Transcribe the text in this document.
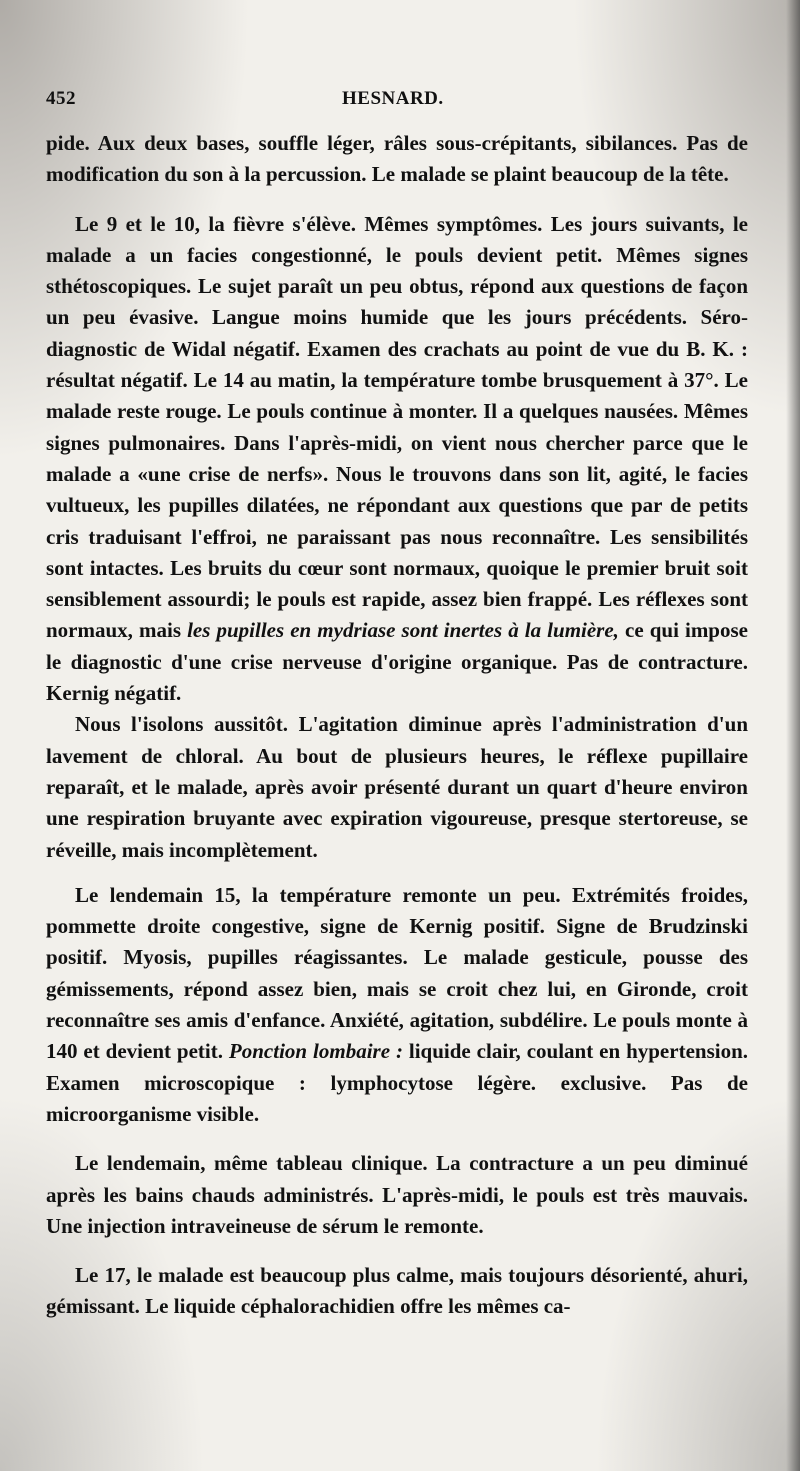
452	HESNARD.

pide. Aux deux bases, souffle léger, râles sous-crépitants, sibilances. Pas de modification du son à la percussion. Le malade se plaint beaucoup de la tête.

Le 9 et le 10, la fièvre s'élève. Mêmes symptômes. Les jours suivants, le malade a un facies congestionné, le pouls devient petit. Mêmes signes sthétoscopiques. Le sujet paraît un peu obtus, répond aux questions de façon un peu évasive. Langue moins humide que les jours précédents. Séro-diagnostic de Widal négatif. Examen des crachats au point de vue du B. K. : résultat négatif. Le 14 au matin, la température tombe brusquement à 37°. Le malade reste rouge. Le pouls continue à monter. Il a quelques nausées. Mêmes signes pulmonaires. Dans l'après-midi, on vient nous chercher parce que le malade a «une crise de nerfs». Nous le trouvons dans son lit, agité, le facies vultueux, les pupilles dilatées, ne répondant aux questions que par de petits cris traduisant l'effroi, ne paraissant pas nous reconnaître. Les sensibilités sont intactes. Les bruits du cœur sont normaux, quoique le premier bruit soit sensiblement assourdi; le pouls est rapide, assez bien frappé. Les réflexes sont normaux, mais les pupilles en mydriase sont inertes à la lumière, ce qui impose le diagnostic d'une crise nerveuse d'origine organique. Pas de contracture. Kernig négatif.

Nous l'isolons aussitôt. L'agitation diminue après l'administration d'un lavement de chloral. Au bout de plusieurs heures, le réflexe pupillaire reparaît, et le malade, après avoir présenté durant un quart d'heure environ une respiration bruyante avec expiration vigoureuse, presque stertoreuse, se réveille, mais incomplètement.

Le lendemain 15, la température remonte un peu. Extrémités froides, pommette droite congestive, signe de Kernig positif. Signe de Brudzinski positif. Myosis, pupilles réagissantes. Le malade gesticule, pousse des gémissements, répond assez bien, mais se croit chez lui, en Gironde, croit reconnaître ses amis d'enfance. Anxiété, agitation, subdélire. Le pouls monte à 140 et devient petit. Ponction lombaire : liquide clair, coulant en hypertension. Examen microscopique : lymphocytose légère. exclusive. Pas de microorganisme visible.

Le lendemain, même tableau clinique. La contracture a un peu diminué après les bains chauds administrés. L'après-midi, le pouls est très mauvais. Une injection intraveineuse de sérum le remonte.

Le 17, le malade est beaucoup plus calme, mais toujours désorienté, ahuri, gémissant. Le liquide céphalorachidien offre les mêmes ca-
